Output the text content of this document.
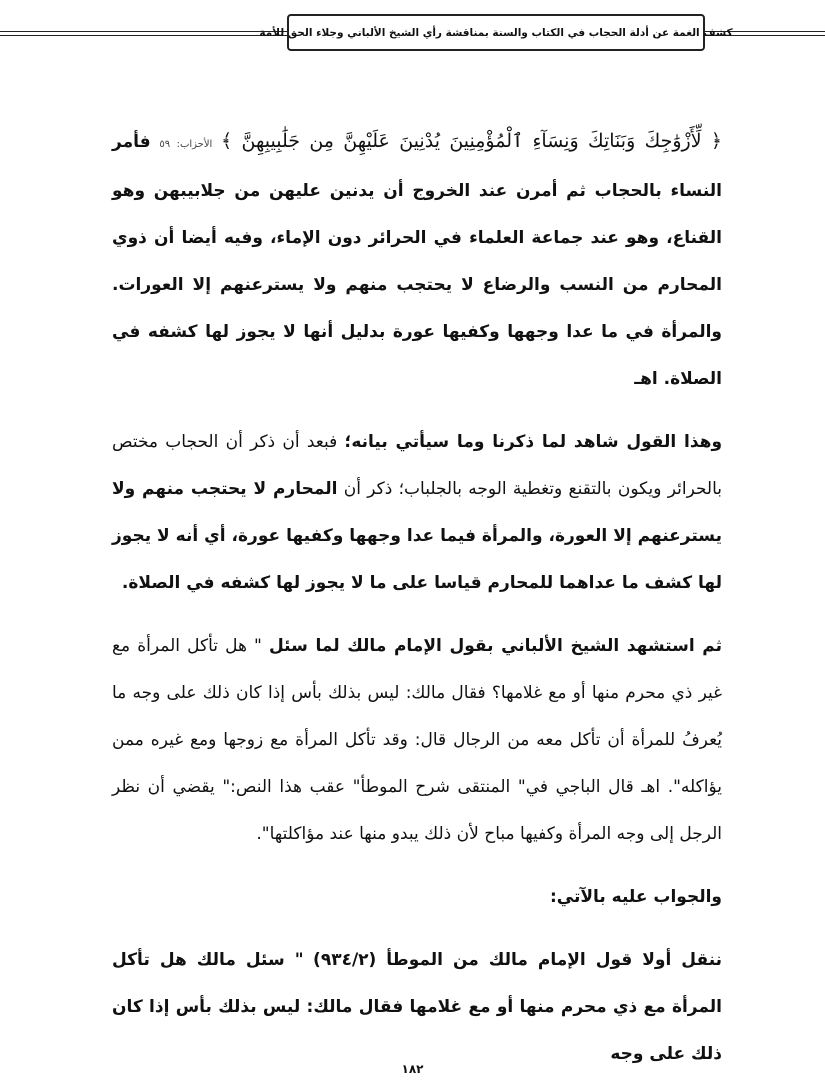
كشف الغمة عن أدلة الحجاب في الكتاب والسنة بمناقشة رأي الشيخ الألباني وجلاء الحق للأمة

﴿ لِّأَزْوَٰجِكَ وَبَنَاتِكَ وَنِسَآءِ ٱلْمُؤْمِنِينَ يُدْنِينَ عَلَيْهِنَّ مِن جَلَٰبِيبِهِنَّ ﴾ الأحزاب: ٥٩ فأمر النساء بالحجاب ثم أمرن عند الخروج أن يدنين عليهن من جلابيبهن وهو القناع، وهو عند جماعة العلماء في الحرائر دون الإماء، وفيه أيضا أن ذوي المحارم من النسب والرضاع لا يحتجب منهم ولا يسترعنهم إلا العورات. والمرأة في ما عدا وجهها وكفيها عورة بدليل أنها لا يجوز لها كشفه في الصلاة. اهـ

وهذا القول شاهد لما ذكرنا وما سيأتي بيانه؛ فبعد أن ذكر أن الحجاب مختص بالحرائر ويكون بالتقنع وتغطية الوجه بالجلباب؛ ذكر أن المحارم لا يحتجب منهم ولا يسترعنهم إلا العورة، والمرأة فيما عدا وجهها وكفيها عورة، أي أنه لا يجوز لها كشف ما عداهما للمحارم قياسا على ما لا يجوز لها كشفه في الصلاة.

ثم استشهد الشيخ الألباني بقول الإمام مالك لما سئل " هل تأكل المرأة مع غير ذي محرم منها أو مع غلامها؟ فقال مالك: ليس بذلك بأس إذا كان ذلك على وجه ما يُعرفُ للمرأة أن تأكل معه من الرجال قال: وقد تأكل المرأة مع زوجها ومع غيره ممن يؤاكله". اهـ قال الباجي في" المنتقى شرح الموطأ" عقب هذا النص:" يقضي أن نظر الرجل إلى وجه المرأة وكفيها مباح لأن ذلك يبدو منها عند مؤاكلتها".

والجواب عليه بالآتي:

ننقل أولا قول الإمام مالك من الموطأ (٩٣٤/٢) " سئل مالك هل تأكل المرأة مع ذي محرم منها أو مع غلامها فقال مالك: ليس بذلك بأس إذا كان ذلك على وجه

١٨٢
